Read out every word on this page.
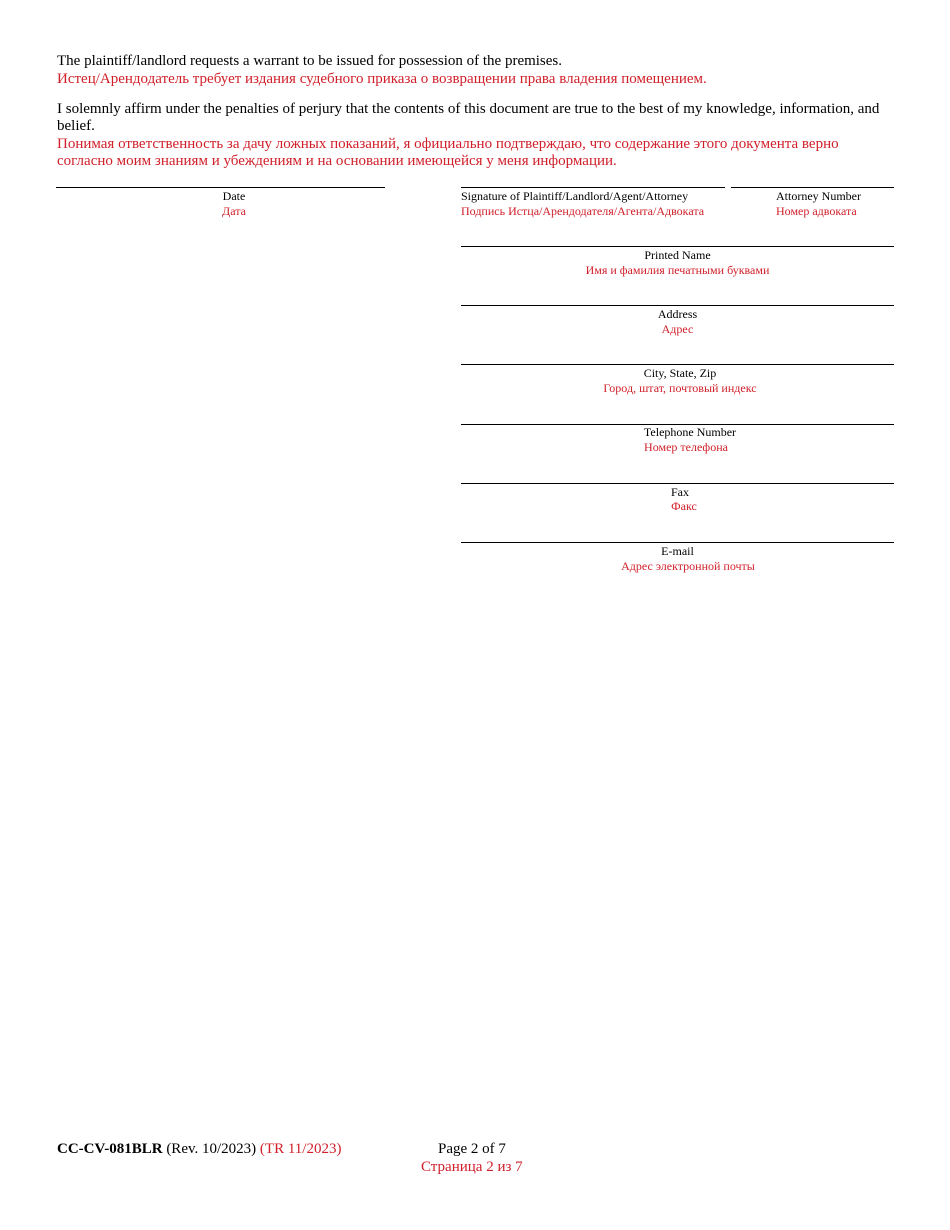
The plaintiff/landlord requests a warrant to be issued for possession of the premises.
Истец/Арендодатель требует издания судебного приказа о возвращении права владения помещением.
I solemnly affirm under the penalties of perjury that the contents of this document are true to the best of my knowledge, information, and belief.
Понимая ответственность за дачу ложных показаний, я официально подтверждаю, что содержание этого документа верно согласно моим знаниям и убеждениям и на основании имеющейся у меня информации.
Date
Дата
Signature of Plaintiff/Landlord/Agent/Attorney
Подпись Истца/Арендодателя/Агента/Адвоката
Attorney Number
Номер адвоката
Printed Name
Имя и фамилия печатными буквами
Address
Адрес
City, State, Zip
Город, штат, почтовый индекс
Telephone Number
Номер телефона
Fax
Факс
E-mail
Адрес электронной почты
CC-CV-081BLR (Rev. 10/2023) (TR 11/2023)	Page 2 of 7
Страница 2 из 7
